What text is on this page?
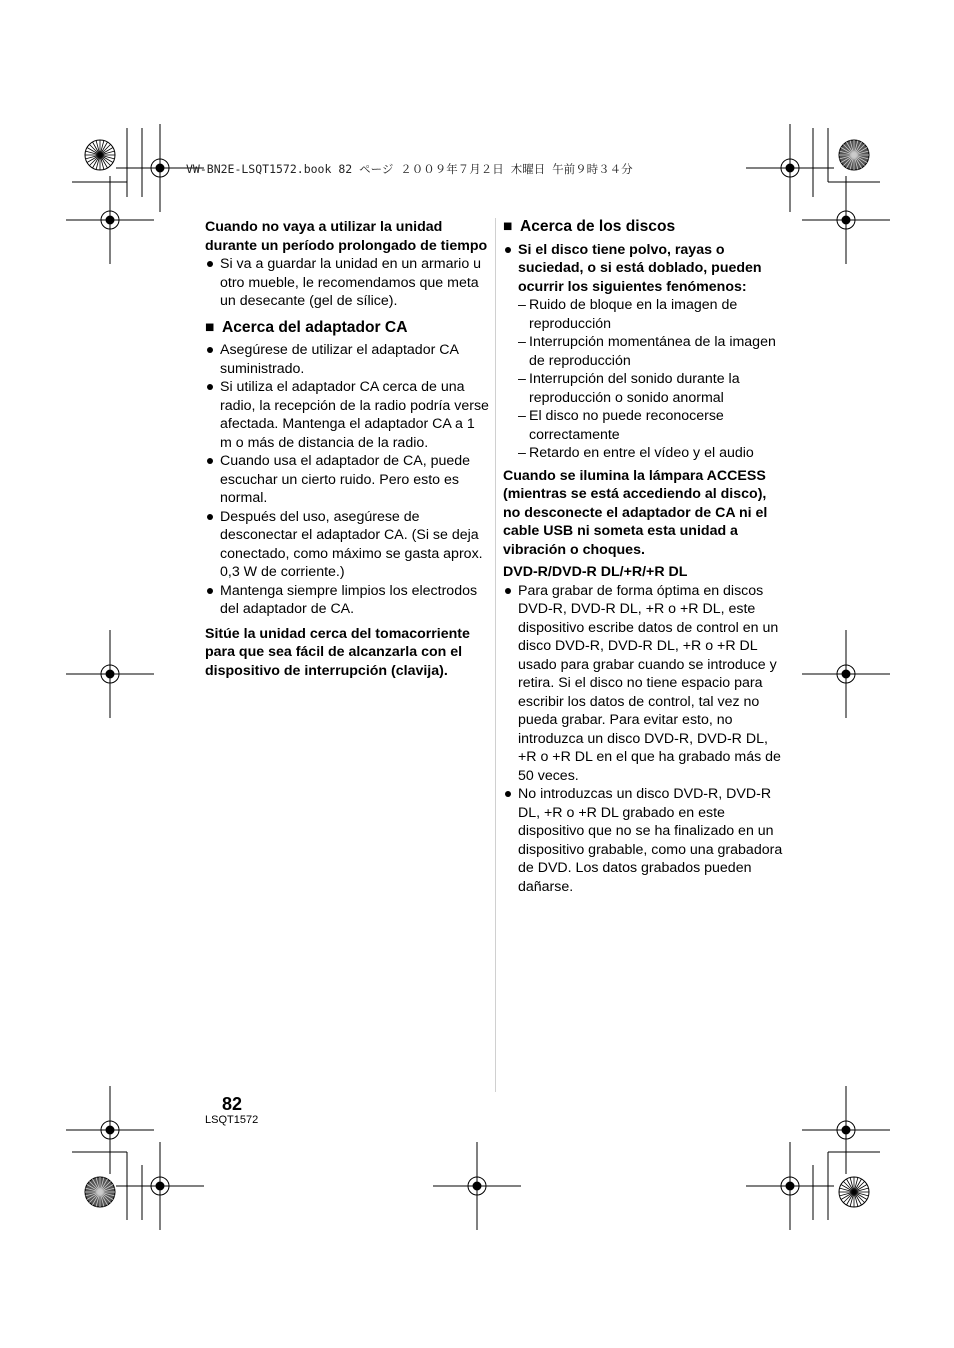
VW-BN2E-LSQT1572.book 82 ページ ２００９年７月２日 木曜日 午前９時３４分

Cuando no vaya a utilizar la unidad durante un período prolongado de tiempo

Si va a guardar la unidad en un armario u otro mueble, le recomendamos que meta un desecante (gel de sílice).
■ Acerca del adaptador CA
Asegúrese de utilizar el adaptador CA suministrado.
Si utiliza el adaptador CA cerca de una radio, la recepción de la radio podría verse afectada. Mantenga el adaptador CA a 1 m o más de distancia de la radio.
Cuando usa el adaptador de CA, puede escuchar un cierto ruido. Pero esto es normal.
Después del uso, asegúrese de desconectar el adaptador CA. (Si se deja conectado, como máximo se gasta aprox. 0,3 W de corriente.)
Mantenga siempre limpios los electrodos del adaptador de CA.

Sitúe la unidad cerca del tomacorriente para que sea fácil de alcanzarla con el dispositivo de interrupción (clavija).

■ Acerca de los discos
Si el disco tiene polvo, rayas o suciedad, o si está doblado, pueden ocurrir los siguientes fenómenos:
– Ruido de bloque en la imagen de reproducción
– Interrupción momentánea de la imagen de reproducción
– Interrupción del sonido durante la reproducción o sonido anormal
– El disco no puede reconocerse correctamente
– Retardo en entre el vídeo y el audio

Cuando se ilumina la lámpara ACCESS (mientras se está accediendo al disco), no desconecte el adaptador de CA ni el cable USB ni someta esta unidad a vibración o choques.

DVD-R/DVD-R DL/+R/+R DL

Para grabar de forma óptima en discos DVD-R, DVD-R DL, +R o +R DL, este dispositivo escribe datos de control en un disco DVD-R, DVD-R DL, +R o +R DL usado para grabar cuando se introduce y retira. Si el disco no tiene espacio para escribir los datos de control, tal vez no pueda grabar. Para evitar esto, no introduzca un disco DVD-R, DVD-R DL, +R o +R DL en el que ha grabado más de 50 veces.
No introduzcas un disco DVD-R, DVD-R DL, +R o +R DL grabado en este dispositivo que no se ha finalizado en un dispositivo grabable, como una grabadora de DVD. Los datos grabados pueden dañarse.
82
LSQT1572
